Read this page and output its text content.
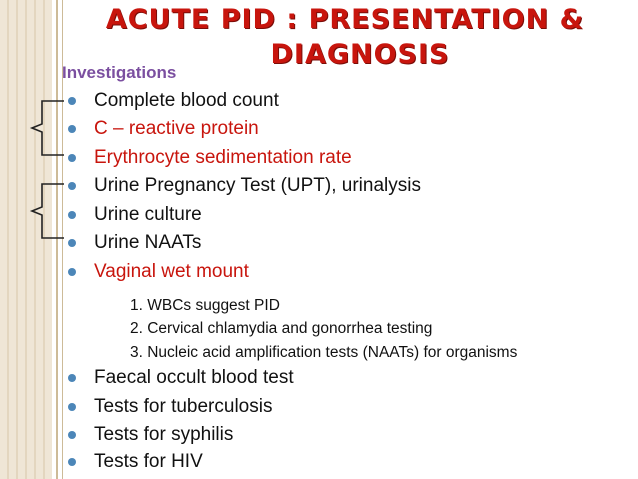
ACUTE PID : PRESENTATION &
DIAGNOSIS
Investigations
Complete blood count
C – reactive protein
Erythrocyte sedimentation rate
Urine Pregnancy Test (UPT), urinalysis
Urine culture
Urine NAATs
Vaginal wet mount
1. WBCs suggest PID
2. Cervical chlamydia and gonorrhea testing
3. Nucleic acid amplification tests (NAATs) for organisms
Faecal occult blood test
Tests for tuberculosis
Tests for syphilis
Tests for HIV
